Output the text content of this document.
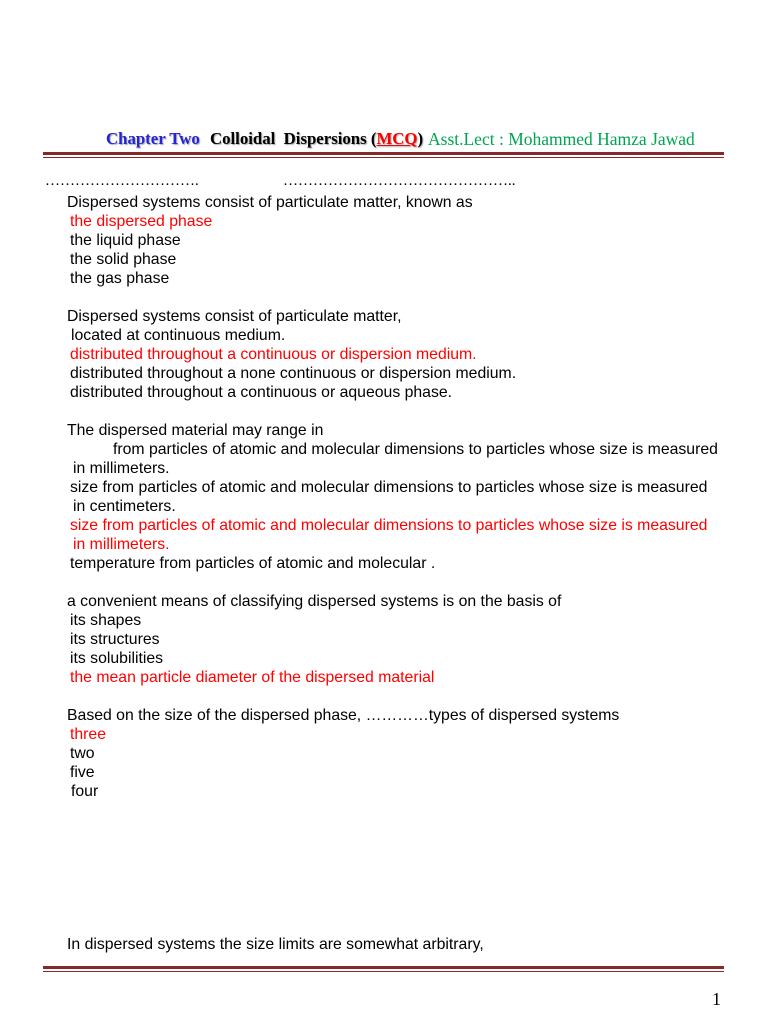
Chapter Two Colloidal  Dispersions (MCQ) Asst.Lect : Mohammed Hamza Jawad
………………………….	………………………………………..
Dispersed systems consist of particulate matter, known as
the dispersed phase
the liquid phase
the solid phase
the gas phase
Dispersed systems consist of particulate matter,
located at continuous medium.
distributed throughout a continuous or dispersion medium.
distributed throughout a none continuous or dispersion medium.
distributed throughout a continuous or aqueous phase.
The dispersed material may range in
from particles of atomic and molecular dimensions to particles whose size is measured
in millimeters.
size from particles of atomic and molecular dimensions to particles whose size is measured
in centimeters.
size from particles of atomic and molecular dimensions to particles whose size is measured
in millimeters.
temperature from particles of atomic and molecular .
a convenient means of classifying dispersed systems is on the basis of
its shapes
its structures
its solubilities
the mean particle diameter of the dispersed material
Based on the size of the dispersed phase, …………types of dispersed systems
three
two
five
four
In dispersed systems the size limits are somewhat arbitrary,
1
